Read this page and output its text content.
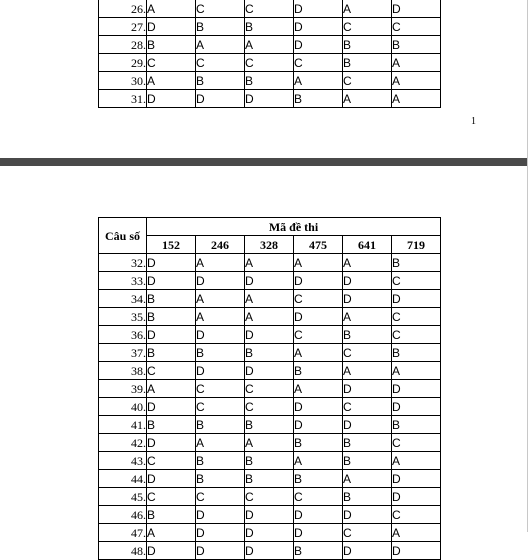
26.	A	C	C	D	A	D
27.	D	B	B	D	C	C
28.	B	A	A	D	B	B
29.	C	C	C	C	B	A
30.	A	B	B	A	C	A
31.	D	D	D	B	A	A
1
Câu số	Mã đề thi					
	152	246	328	475	641	719
32.	D	A	A	A	A	B
33.	D	D	D	D	D	C
34.	B	A	A	C	D	D
35.	B	A	A	D	A	C
36.	D	D	D	C	B	C
37.	B	B	B	A	C	B
38.	C	D	D	B	A	A
39.	A	C	C	A	D	D
40.	D	C	C	D	C	D
41.	B	B	B	D	D	B
42.	D	A	A	B	B	C
43.	C	B	B	A	B	A
44.	D	B	B	B	A	D
45.	C	C	C	C	B	D
46.	B	D	D	D	D	C
47.	A	D	D	D	C	A
48.	D	D	D	B	D	D
